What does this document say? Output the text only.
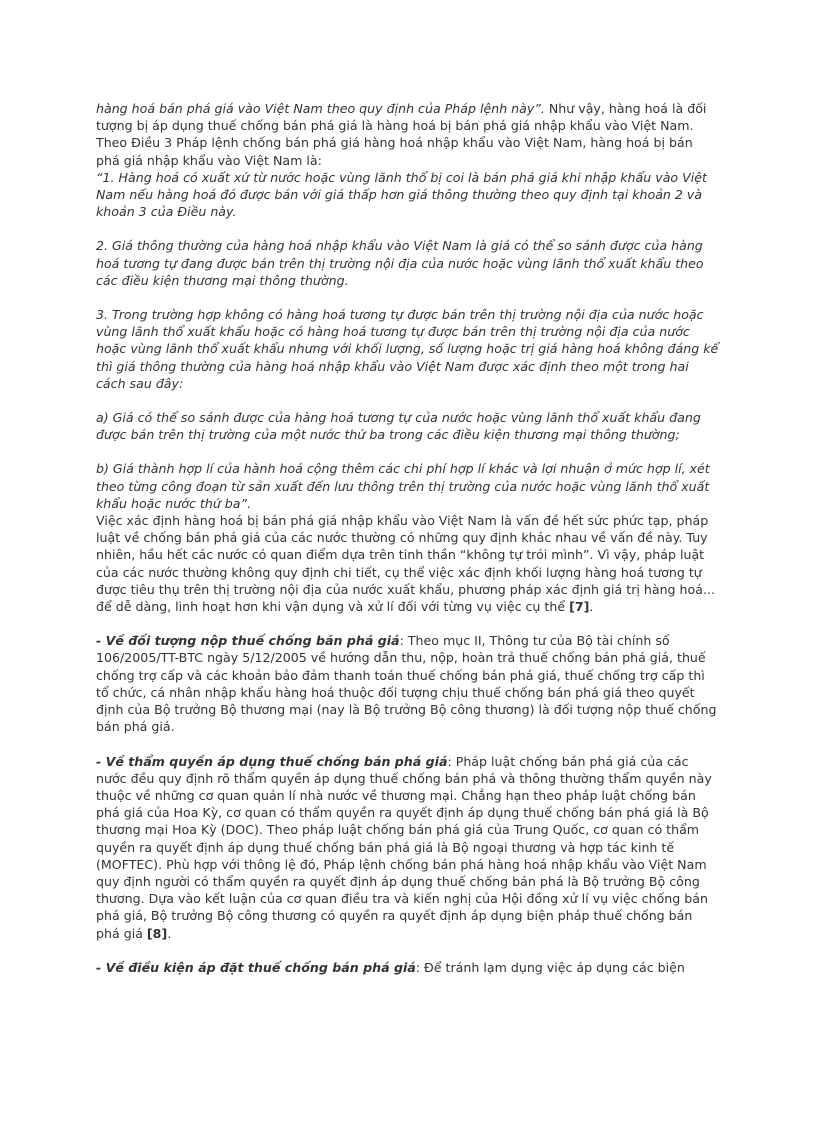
hàng hoá bán phá giá vào Việt Nam theo quy định của Pháp lệnh này”. Như vậy, hàng hoá là đối tượng bị áp dụng thuế chống bán phá giá là hàng hoá bị bán phá giá nhập khẩu vào Việt Nam. Theo Điều 3 Pháp lệnh chống bán phá giá hàng hoá nhập khẩu vào Việt Nam, hàng hoá bị bán phá giá nhập khẩu vào Việt Nam là:

“1. Hàng hoá có xuất xứ từ nước hoặc vùng lãnh thổ bị coi là bán phá giá khi nhập khẩu vào Việt Nam nếu hàng hoá đó được bán với giá thấp hơn giá thông thường theo quy định tại khoản 2 và khoản 3 của Điều này.

2. Giá thông thường của hàng hoá nhập khẩu vào Việt Nam là giá có thể so sánh được của hàng hoá tương tự đang được bán trên thị trường nội địa của nước hoặc vùng lãnh thổ xuất khẩu theo các điều kiện thương mại thông thường.

3. Trong trường hợp không có hàng hoá tương tự được bán trên thị trường nội địa của nước hoặc vùng lãnh thổ xuất khẩu hoặc có hàng hoá tương tự được bán trên thị trường nội địa của nước hoặc vùng lãnh thổ xuất khẩu nhưng với khối lượng, số lượng hoặc trị giá hàng hoá không đáng kể thì giá thông thường của hàng hoá nhập khẩu vào Việt Nam được xác định theo một trong hai cách sau đây:

a) Giá có thể so sánh được của hàng hoá tương tự của nước hoặc vùng lãnh thổ xuất khẩu đang được bán trên thị trường của một nước thứ ba trong các điều kiện thương mại thông thường;

b) Giá thành hợp lí của hành hoá cộng thêm các chi phí hợp lí khác và lợi nhuận ở mức hợp lí, xét theo từng công đoạn từ sản xuất đến lưu thông trên thị trường của nước hoặc vùng lãnh thổ xuất khẩu hoặc nước thứ ba”.

Việc xác định hàng hoá bị bán phá giá nhập khẩu vào Việt Nam là vấn đề hết sức phức tạp, pháp luật về chống bán phá giá của các nước thường có những quy định khác nhau về vấn đề này. Tuy nhiên, hầu hết các nước có quan điểm dựa trên tinh thần “không tự trói mình”. Vì vậy, pháp luật của các nước thường không quy định chi tiết, cụ thể việc xác định khối lượng hàng hoá tương tự được tiêu thụ trên thị trường nội địa của nước xuất khẩu, phương pháp xác định giá trị hàng hoá... để dễ dàng, linh hoạt hơn khi vận dụng và xử lí đối với từng vụ việc cụ thể [7].

- Về đối tượng nộp thuế chống bán phá giá: Theo mục II, Thông tư của Bộ tài chính số 106/2005/TT-BTC ngày 5/12/2005 về hướng dẫn thu, nộp, hoàn trả thuế chống bán phá giá, thuế chống trợ cấp và các khoản bảo đảm thanh toán thuế chống bán phá giá, thuế chống trợ cấp thì tổ chức, cá nhân nhập khẩu hàng hoá thuộc đối tượng chịu thuế chống bán phá giá theo quyết định của Bộ trưởng Bộ thương mại (nay là Bộ trưởng Bộ công thương) là đối tượng nộp thuế chống bán phá giá.

- Về thẩm quyền áp dụng thuế chống bán phá giá: Pháp luật chống bán phá giá của các nước đều quy định rõ thẩm quyền áp dụng thuế chống bán phá và thông thường thẩm quyền này thuộc về những cơ quan quản lí nhà nước về thương mại. Chẳng hạn theo pháp luật chống bán phá giá của Hoa Kỳ, cơ quan có thẩm quyền ra quyết định áp dụng thuế chống bán phá giá là Bộ thương mại Hoa Kỳ (DOC). Theo pháp luật chống bán phá giá của Trung Quốc, cơ quan có thẩm quyền ra quyết định áp dụng thuế chống bán phá giá là Bộ ngoại thương và hợp tác kinh tế (MOFTEC). Phù hợp với thông lệ đó, Pháp lệnh chống bán phá hàng hoá nhập khẩu vào Việt Nam quy định người có thẩm quyền ra quyết định áp dụng thuế chống bán phá là Bộ trưởng Bộ công thương. Dựa vào kết luận của cơ quan điều tra và kiến nghị của Hội đồng xử lí vụ việc chống bán phá giá, Bộ trưởng Bộ công thương có quyền ra quyết định áp dụng biện pháp thuế chống bán phá giá [8].

- Về điều kiện áp đặt thuế chống bán phá giá: Để tránh lạm dụng việc áp dụng các biện
